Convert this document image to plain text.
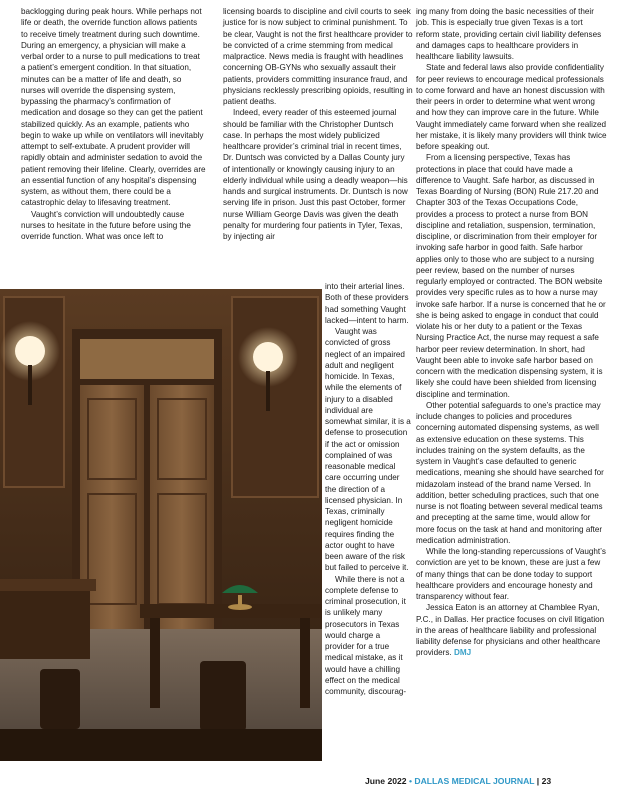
backlogging during peak hours. While perhaps not life or death, the override function allows patients to receive timely treatment during such downtime. During an emergency, a physician will make a verbal order to a nurse to pull medications to treat a patient’s emergent condition. In that situation, minutes can be a matter of life and death, so nurses will override the dispensing system, bypassing the pharmacy’s confirmation of medication and dosage so they can get the patient stabilized quickly. As an example, patients who begin to wake up while on ventilators will inevitably attempt to self-extubate. A prudent provider will rapidly obtain and administer sedation to avoid the patient removing their lifeline. Clearly, overrides are an essential function of any hospital’s dispensing system, as without them, there could be a catastrophic delay to lifesaving treatment.

Vaught’s conviction will undoubtedly cause nurses to hesitate in the future before using the override function. What was once left to

licensing boards to discipline and civil courts to seek justice for is now subject to criminal punishment. To be clear, Vaught is not the first healthcare provider to be convicted of a crime stemming from medical malpractice. News media is fraught with headlines concerning OB-GYNs who sexually assault their patients, providers committing insurance fraud, and physicians recklessly prescribing opioids, resulting in patient deaths.

Indeed, every reader of this esteemed journal should be familiar with the Christopher Duntsch case. In perhaps the most widely publicized healthcare provider’s criminal trial in recent times, Dr. Duntsch was convicted by a Dallas County jury of intentionally or knowingly causing injury to an elderly individual while using a deadly weapon—his hands and surgical instruments. Dr. Duntsch is now serving life in prison. Just this past October, former nurse William George Davis was given the death penalty for murdering four patients in Tyler, Texas, by injecting air

into their arterial lines. Both of these providers had something Vaught lacked—intent to harm.

Vaught was convicted of gross neglect of an impaired adult and negligent homicide. In Texas, while the elements of injury to a disabled individual are somewhat similar, it is a defense to prosecution if the act or omission complained of was reasonable medical care occurring under the direction of a licensed physician. In Texas, criminally negligent homicide requires finding the actor ought to have been aware of the risk but failed to perceive it.

While there is not a complete defense to criminal prosecution, it is unlikely many prosecutors in Texas would charge a provider for a true medical mistake, as it would have a chilling effect on the medical community, discourag-

ing many from doing the basic necessities of their job. This is especially true given Texas is a tort reform state, providing certain civil liability defenses and damages caps to healthcare providers in healthcare liability lawsuits.

State and federal laws also provide confidentiality for peer reviews to encourage medical professionals to come forward and have an honest discussion with their peers in order to determine what went wrong and how they can improve care in the future. While Vaught immediately came forward when she realized her mistake, it is likely many providers will think twice before speaking out.

From a licensing perspective, Texas has protections in place that could have made a difference to Vaught. Safe harbor, as discussed in Texas Boarding of Nursing (BON) Rule 217.20 and Chapter 303 of the Texas Occupations Code, provides a process to protect a nurse from BON discipline and retaliation, suspension, termination, discipline, or discrimination from their employer for invoking safe harbor in good faith. Safe harbor applies only to those who are subject to a nursing peer review, based on the number of nurses regularly employed or contracted. The BON website provides very specific rules as to how a nurse may invoke safe harbor. If a nurse is concerned that he or she is being asked to engage in conduct that could violate his or her duty to a patient or the Texas Nursing Practice Act, the nurse may request a safe harbor peer review determination. In short, had Vaught been able to invoke safe harbor based on concern with the medication dispensing system, it is likely she could have been shielded from licensing discipline and termination.

Other potential safeguards to one’s practice may include changes to policies and procedures concerning automated dispensing systems, as well as extensive education on these systems. This includes training on the system defaults, as the system in Vaught’s case defaulted to generic medications, meaning she should have searched for midazolam instead of the brand name Versed. In addition, better scheduling practices, such that one nurse is not floating between several medical teams and precepting at the same time, would allow for more focus on the task at hand and monitoring after medication administration.

While the long-standing repercussions of Vaught’s conviction are yet to be known, these are just a few of many things that can be done today to support healthcare providers and encourage honesty and transparency without fear.

Jessica Eaton is an attorney at Chamblee Ryan, P.C., in Dallas. Her practice focuses on civil litigation in the areas of healthcare liability and professional liability defense for physicians and other healthcare providers. DMJ

June 2022 • DALLAS MEDICAL JOURNAL | 23
